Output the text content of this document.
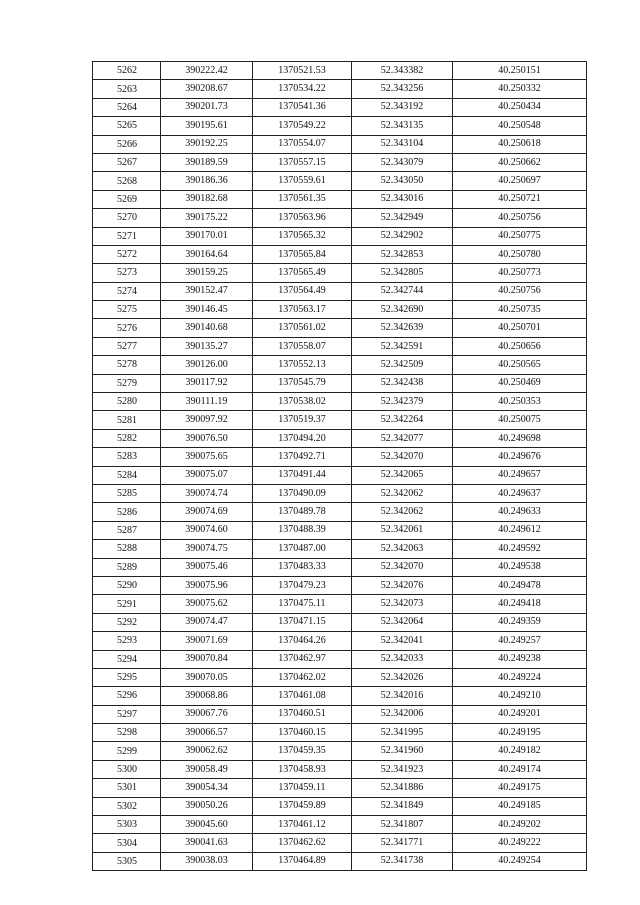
5262	390222.42	1370521.53	52.343382	40.250151
5263	390208.67	1370534.22	52.343256	40.250332
5264	390201.73	1370541.36	52.343192	40.250434
5265	390195.61	1370549.22	52.343135	40.250548
5266	390192.25	1370554.07	52.343104	40.250618
5267	390189.59	1370557.15	52.343079	40.250662
5268	390186.36	1370559.61	52.343050	40.250697
5269	390182.68	1370561.35	52.343016	40.250721
5270	390175.22	1370563.96	52.342949	40.250756
5271	390170.01	1370565.32	52.342902	40.250775
5272	390164.64	1370565.84	52.342853	40.250780
5273	390159.25	1370565.49	52.342805	40.250773
5274	390152.47	1370564.49	52.342744	40.250756
5275	390146.45	1370563.17	52.342690	40.250735
5276	390140.68	1370561.02	52.342639	40.250701
5277	390135.27	1370558.07	52.342591	40.250656
5278	390126.00	1370552.13	52.342509	40.250565
5279	390117.92	1370545.79	52.342438	40.250469
5280	390111.19	1370538.02	52.342379	40.250353
5281	390097.92	1370519.37	52.342264	40.250075
5282	390076.50	1370494.20	52.342077	40.249698
5283	390075.65	1370492.71	52.342070	40.249676
5284	390075.07	1370491.44	52.342065	40.249657
5285	390074.74	1370490.09	52.342062	40.249637
5286	390074.69	1370489.78	52.342062	40.249633
5287	390074.60	1370488.39	52.342061	40.249612
5288	390074.75	1370487.00	52.342063	40.249592
5289	390075.46	1370483.33	52.342070	40.249538
5290	390075.96	1370479.23	52.342076	40.249478
5291	390075.62	1370475.11	52.342073	40.249418
5292	390074.47	1370471.15	52.342064	40.249359
5293	390071.69	1370464.26	52.342041	40.249257
5294	390070.84	1370462.97	52.342033	40.249238
5295	390070.05	1370462.02	52.342026	40.249224
5296	390068.86	1370461.08	52.342016	40.249210
5297	390067.76	1370460.51	52.342006	40.249201
5298	390066.57	1370460.15	52.341995	40.249195
5299	390062.62	1370459.35	52.341960	40.249182
5300	390058.49	1370458.93	52.341923	40.249174
5301	390054.34	1370459.11	52.341886	40.249175
5302	390050.26	1370459.89	52.341849	40.249185
5303	390045.60	1370461.12	52.341807	40.249202
5304	390041.63	1370462.62	52.341771	40.249222
5305	390038.03	1370464.89	52.341738	40.249254
